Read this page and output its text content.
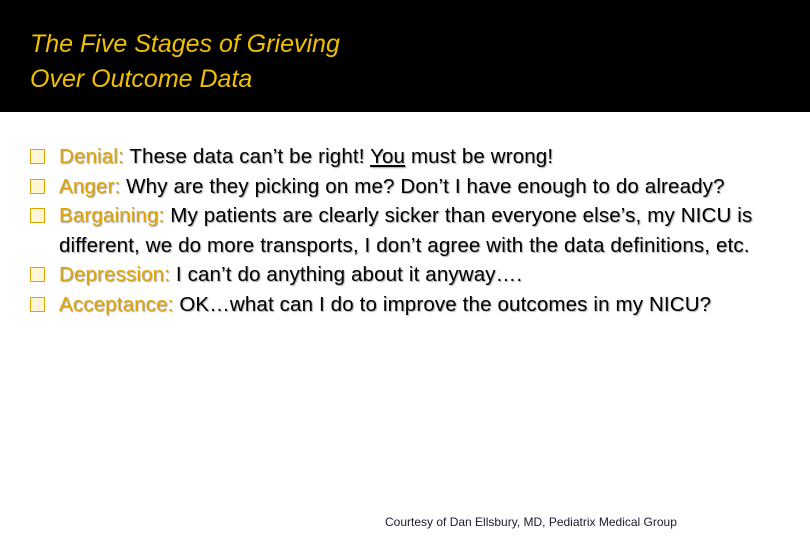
The Five Stages of Grieving
Over Outcome Data
Denial: These data can’t be right! You must be wrong!
Anger: Why are they picking on me? Don’t I have enough to do already?
Bargaining: My patients are clearly sicker than everyone else’s, my NICU is different, we do more transports, I don’t agree with the data definitions, etc.
Depression: I can’t do anything about it anyway….
Acceptance: OK…what can I do to improve the outcomes in my NICU?
Courtesy of Dan Ellsbury, MD, Pediatrix Medical Group
